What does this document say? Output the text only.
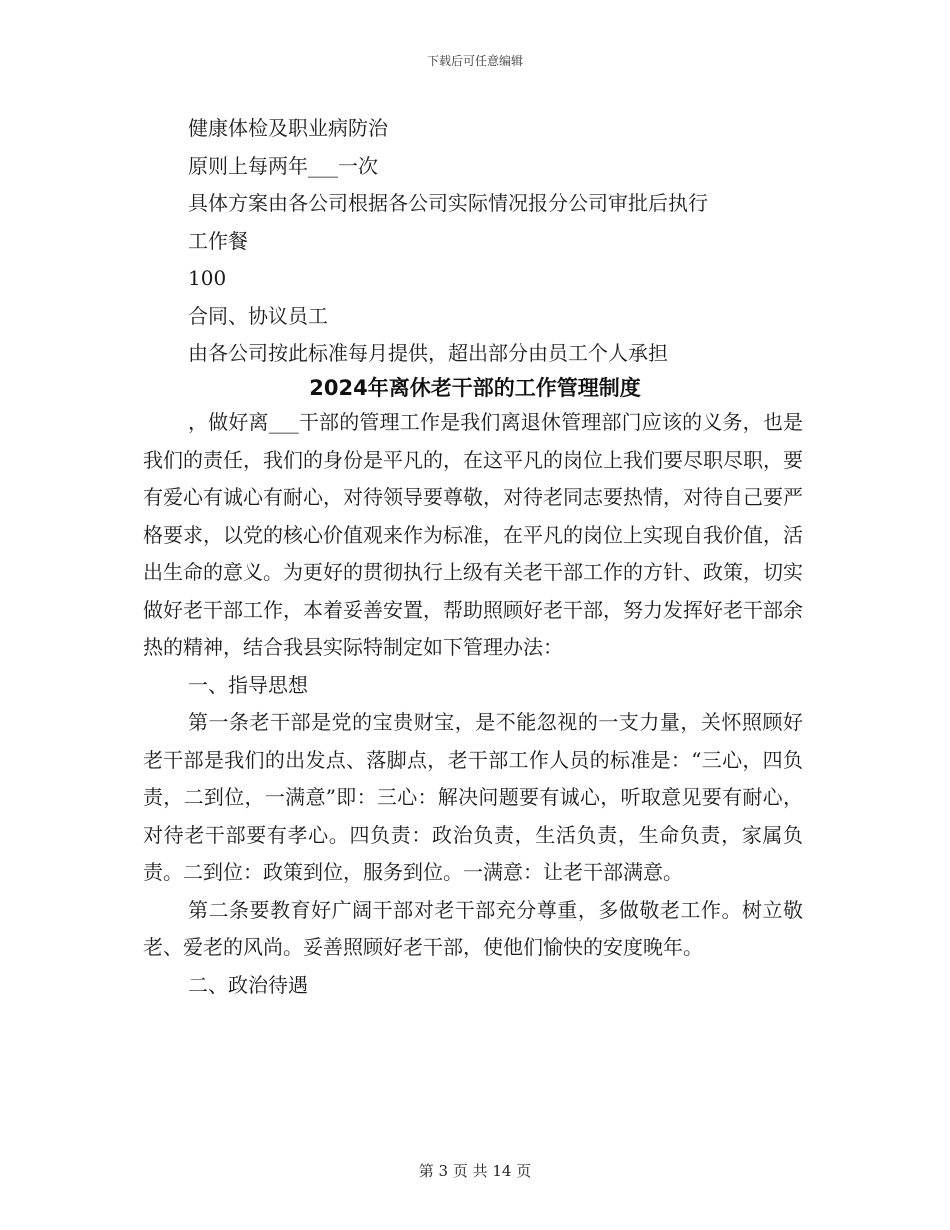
下载后可任意编辑
健康体检及职业病防治
原则上每两年___一次
具体方案由各公司根据各公司实际情况报分公司审批后执行
工作餐
100
合同、协议员工
由各公司按此标准每月提供，超出部分由员工个人承担
2024年离休老干部的工作管理制度

，做好离___干部的管理工作是我们离退休管理部门应该的义务，也是我们的责任，我们的身份是平凡的，在这平凡的岗位上我们要尽职尽职，要有爱心有诚心有耐心，对待领导要尊敬，对待老同志要热情，对待自己要严格要求，以党的核心价值观来作为标准，在平凡的岗位上实现自我价值，活出生命的意义。为更好的贯彻执行上级有关老干部工作的方针、政策，切实做好老干部工作，本着妥善安置，帮助照顾好老干部，努力发挥好老干部余热的精神，结合我县实际特制定如下管理办法：

一、指导思想

第一条老干部是党的宝贵财宝，是不能忽视的一支力量，关怀照顾好老干部是我们的出发点、落脚点，老干部工作人员的标准是：“三心，四负责，二到位，一满意”即：三心：解决问题要有诚心，听取意见要有耐心，对待老干部要有孝心。四负责：政治负责，生活负责，生命负责，家属负责。二到位：政策到位，服务到位。一满意：让老干部满意。

第二条要教育好广阔干部对老干部充分尊重，多做敬老工作。树立敬老、爱老的风尚。妥善照顾好老干部，使他们愉快的安度晚年。

二、政治待遇

第 3 页 共 14 页
